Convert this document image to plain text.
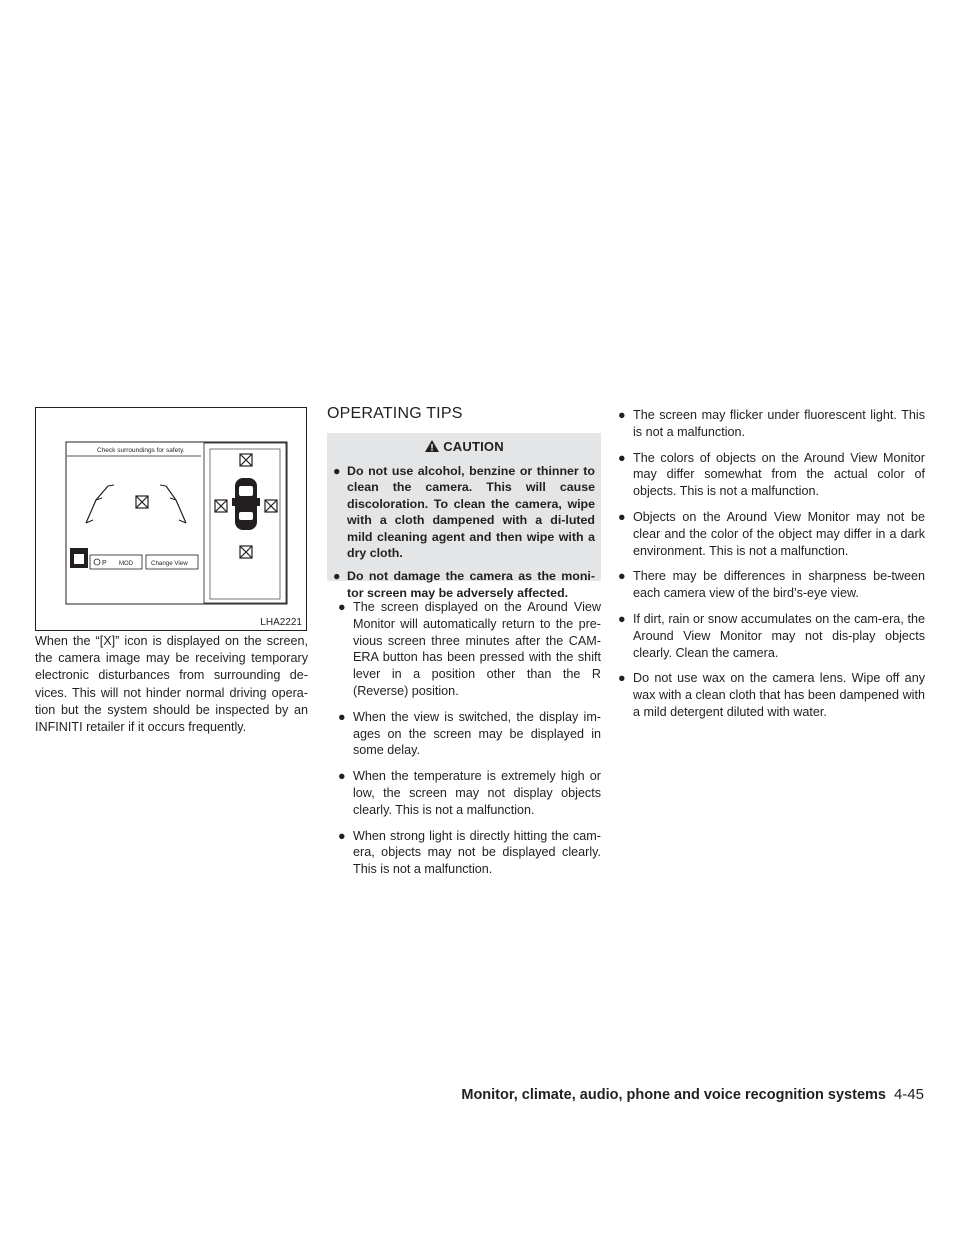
Check surroundings for safety.
P MOD	Change View
LHA2221

When the “[X]” icon is displayed on the screen, the camera image may be receiving temporary electronic disturbances from surrounding de-vices. This will not hinder normal driving opera-tion but the system should be inspected by an INFINITI retailer if it occurs frequently.

OPERATING TIPS
CAUTION
● Do not use alcohol, benzine or thinner to clean the camera. This will cause discoloration. To clean the camera, wipe with a cloth dampened with a di-luted mild cleaning agent and then wipe with a dry cloth.
● Do not damage the camera as the moni-tor screen may be adversely affected.
● The screen displayed on the Around View Monitor will automatically return to the pre-vious screen three minutes after the CAM-ERA button has been pressed with the shift lever in a position other than the R (Reverse) position.
● When the view is switched, the display im-ages on the screen may be displayed in some delay.
● When the temperature is extremely high or low, the screen may not display objects clearly. This is not a malfunction.
● When strong light is directly hitting the cam-era, objects may not be displayed clearly. This is not a malfunction.
● The screen may flicker under fluorescent light. This is not a malfunction.
● The colors of objects on the Around View Monitor may differ somewhat from the actual color of objects. This is not a malfunction.
● Objects on the Around View Monitor may not be clear and the color of the object may differ in a dark environment. This is not a malfunction.
● There may be differences in sharpness be-tween each camera view of the bird’s-eye view.
● If dirt, rain or snow accumulates on the cam-era, the Around View Monitor may not dis-play objects clearly. Clean the camera.
● Do not use wax on the camera lens. Wipe off any wax with a clean cloth that has been dampened with a mild detergent diluted with water.
Monitor, climate, audio, phone and voice recognition systems 4-45
